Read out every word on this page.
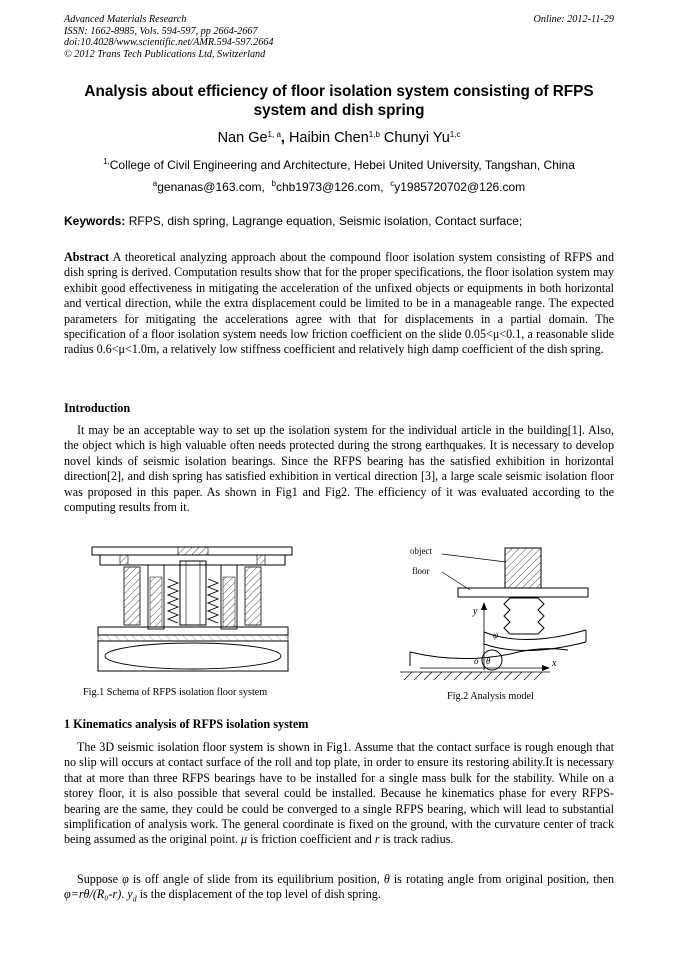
Advanced Materials Research
ISSN: 1662-8985, Vols. 594-597, pp 2664-2667
doi:10.4028/www.scientific.net/AMR.594-597.2664
© 2012 Trans Tech Publications Ltd, Switzerland
Online: 2012-11-29
Analysis about efficiency of floor isolation system consisting of RFPS system and dish spring
Nan Ge$^{1, a}$, Haibin Chen$^{1,b}$ Chunyi Yu$^{1,c}$
$^{1,}$College of Civil Engineering and Architecture, Hebei United University, Tangshan, China
$^a$genanas@163.com, $^b$chb1973@126.com, $^c$y1985720702@126.com
Keywords: RFPS, dish spring, Lagrange equation, Seismic isolation, Contact surface;
Abstract A theoretical analyzing approach about the compound floor isolation system consisting of RFPS and dish spring is derived. Computation results show that for the proper specifications, the floor isolation system may exhibit good effectiveness in mitigating the acceleration of the unfixed objects or equipments in both horizontal and vertical direction, while the extra displacement could be limited to be in a manageable range. The expected parameters for mitigating the accelerations agree with that for displacements in a partial domain. The specification of a floor isolation system needs low friction coefficient on the slide 0.05<μ<0.1, a reasonable slide radius 0.6<μ<1.0m, a relatively low stiffness coefficient and relatively high damp coefficient of the dish spring.
Introduction
It may be an acceptable way to set up the isolation system for the individual article in the building[1]. Also, the object which is high valuable often needs protected during the strong earthquakes. It is necessary to develop novel kinds of seismic isolation bearings. Since the RFPS bearing has the satisfied exhibition in horizontal direction[2], and dish spring has satisfied exhibition in vertical direction [3], a large scale seismic isolation floor was proposed in this paper. As shown in Fig1 and Fig2. The efficiency of it was evaluated according to the computing results from it.
Fig.1 Schema of RFPS isolation floor system
object
floor
y
x
φ
o θ
Fig.2 Analysis model
1 Kinematics analysis of RFPS isolation system
The 3D seismic isolation floor system is shown in Fig1. Assume that the contact surface is rough enough that no slip will occurs at contact surface of the roll and top plate, in order to ensure its restoring ability.It is necessary that at more than three RFPS bearings have to be installed for a single mass bulk for the stability. While on a storey floor, it is also possible that several could be installed. Because he kinematics phase for every RFPS-bearing are the same, they could be could be converged to a single RFPS bearing, which will lead to substantial simplification of analysis work. The general coordinate is fixed on the ground, with the curvature center of track being assumed as the original point. μ is friction coefficient and r is track radius.
Suppose φ is off angle of slide from its equilibrium position, θ is rotating angle from original position, then φ=rθ/(R₀-r). $y_d$ is the displacement of the top level of dish spring.
